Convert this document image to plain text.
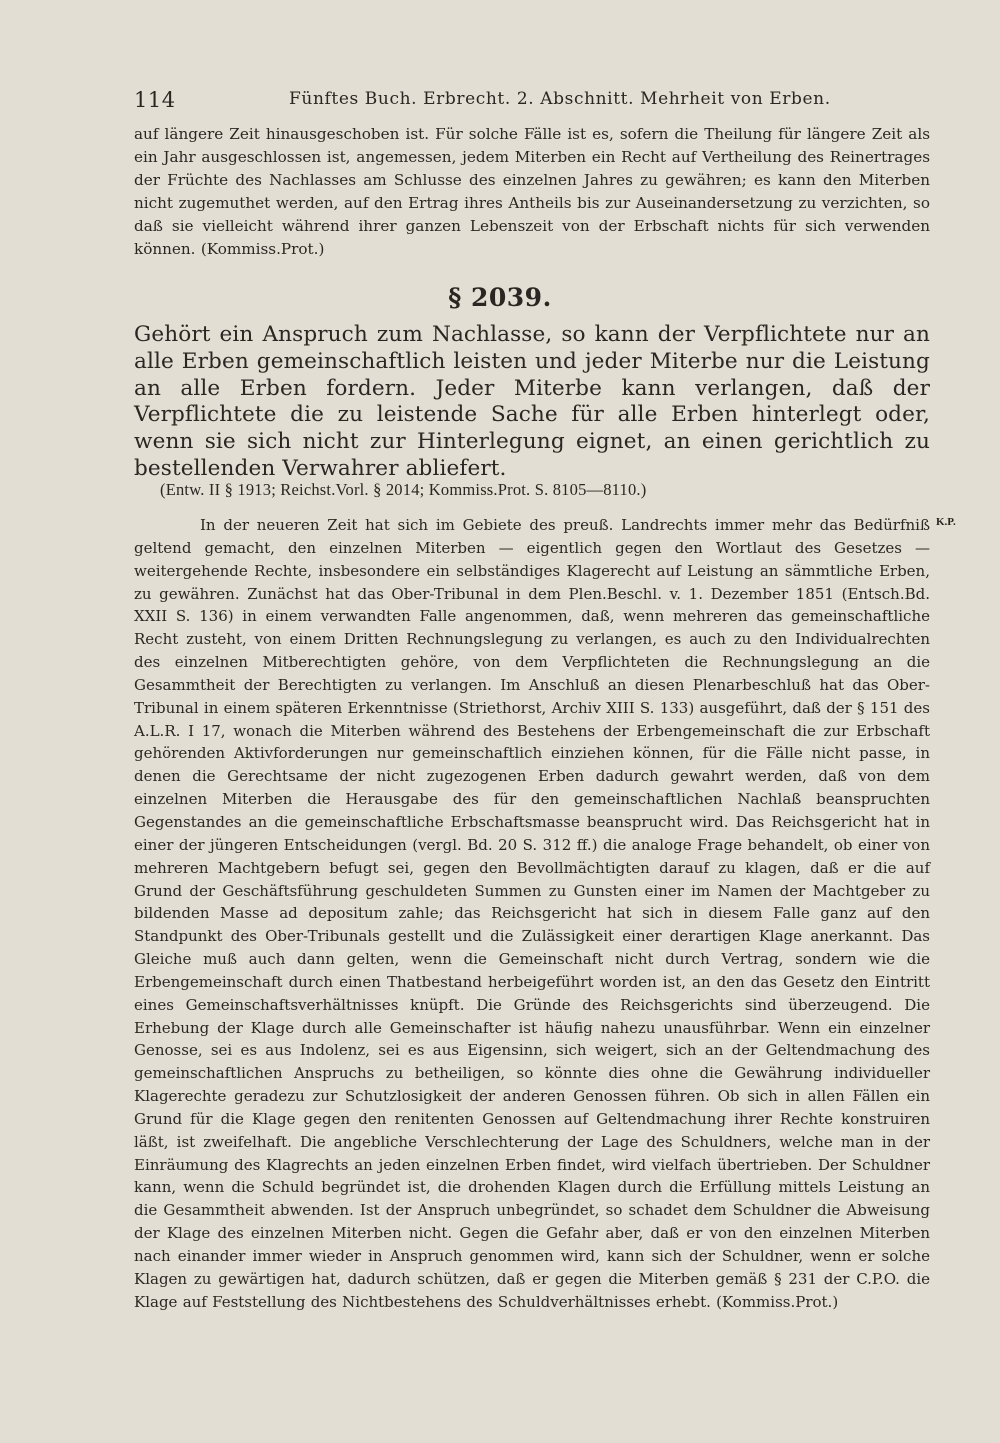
114	Fünftes Buch. Erbrecht. 2. Abschnitt. Mehrheit von Erben.

auf längere Zeit hinausgeschoben ist. Für solche Fälle ist es, sofern die Theilung für längere Zeit als ein Jahr ausgeschlossen ist, angemessen, jedem Miterben ein Recht auf Vertheilung des Reinertrages der Früchte des Nachlasses am Schlusse des einzelnen Jahres zu gewähren; es kann den Miterben nicht zugemuthet werden, auf den Ertrag ihres Antheils bis zur Auseinandersetzung zu verzichten, so daß sie vielleicht während ihrer ganzen Lebenszeit von der Erbschaft nichts für sich verwenden können. (Kommiss.Prot.)

§ 2039.

Gehört ein Anspruch zum Nachlasse, so kann der Verpflichtete nur an alle Erben gemeinschaftlich leisten und jeder Miterbe nur die Leistung an alle Erben fordern. Jeder Miterbe kann verlangen, daß der Verpflichtete die zu leistende Sache für alle Erben hinterlegt oder, wenn sie sich nicht zur Hinterlegung eignet, an einen gerichtlich zu bestellenden Verwahrer abliefert.

(Entw. II § 1913; Reichst.Vorl. § 2014; Kommiss.Prot. S. 8105—8110.)
K.P.

In der neueren Zeit hat sich im Gebiete des preuß. Landrechts immer mehr das Bedürfniß geltend gemacht, den einzelnen Miterben — eigentlich gegen den Wortlaut des Gesetzes — weitergehende Rechte, insbesondere ein selbständiges Klagerecht auf Leistung an sämmtliche Erben, zu gewähren. Zunächst hat das Ober-Tribunal in dem Plen.Beschl. v. 1. Dezember 1851 (Entsch.Bd. XXII S. 136) in einem verwandten Falle angenommen, daß, wenn mehreren das gemeinschaftliche Recht zusteht, von einem Dritten Rechnungslegung zu verlangen, es auch zu den Individualrechten des einzelnen Mitberechtigten gehöre, von dem Verpflichteten die Rechnungslegung an die Gesammtheit der Berechtigten zu verlangen. Im Anschluß an diesen Plenarbeschluß hat das Ober-Tribunal in einem späteren Erkenntnisse (Striethorst, Archiv XIII S. 133) ausgeführt, daß der § 151 des A.L.R. I 17, wonach die Miterben während des Bestehens der Erbengemeinschaft die zur Erbschaft gehörenden Aktivforderungen nur gemeinschaftlich einziehen können, für die Fälle nicht passe, in denen die Gerechtsame der nicht zugezogenen Erben dadurch gewahrt werden, daß von dem einzelnen Miterben die Herausgabe des für den gemeinschaftlichen Nachlaß beanspruchten Gegenstandes an die gemeinschaftliche Erbschaftsmasse beansprucht wird. Das Reichsgericht hat in einer der jüngeren Entscheidungen (vergl. Bd. 20 S. 312 ff.) die analoge Frage behandelt, ob einer von mehreren Machtgebern befugt sei, gegen den Bevollmächtigten darauf zu klagen, daß er die auf Grund der Geschäftsführung geschuldeten Summen zu Gunsten einer im Namen der Machtgeber zu bildenden Masse ad depositum zahle; das Reichsgericht hat sich in diesem Falle ganz auf den Standpunkt des Ober-Tribunals gestellt und die Zulässigkeit einer derartigen Klage anerkannt. Das Gleiche muß auch dann gelten, wenn die Gemeinschaft nicht durch Vertrag, sondern wie die Erbengemeinschaft durch einen Thatbestand herbeigeführt worden ist, an den das Gesetz den Eintritt eines Gemeinschaftsverhältnisses knüpft. Die Gründe des Reichsgerichts sind überzeugend. Die Erhebung der Klage durch alle Gemeinschafter ist häufig nahezu unausführbar. Wenn ein einzelner Genosse, sei es aus Indolenz, sei es aus Eigensinn, sich weigert, sich an der Geltendmachung des gemeinschaftlichen Anspruchs zu betheiligen, so könnte dies ohne die Gewährung individueller Klagerechte geradezu zur Schutzlosigkeit der anderen Genossen führen. Ob sich in allen Fällen ein Grund für die Klage gegen den renitenten Genossen auf Geltendmachung ihrer Rechte konstruiren läßt, ist zweifelhaft. Die angebliche Verschlechterung der Lage des Schuldners, welche man in der Einräumung des Klagrechts an jeden einzelnen Erben findet, wird vielfach übertrieben. Der Schuldner kann, wenn die Schuld begründet ist, die drohenden Klagen durch die Erfüllung mittels Leistung an die Gesammtheit abwenden. Ist der Anspruch unbegründet, so schadet dem Schuldner die Abweisung der Klage des einzelnen Miterben nicht. Gegen die Gefahr aber, daß er von den einzelnen Miterben nach einander immer wieder in Anspruch genommen wird, kann sich der Schuldner, wenn er solche Klagen zu gewärtigen hat, dadurch schützen, daß er gegen die Miterben gemäß § 231 der C.P.O. die Klage auf Feststellung des Nichtbestehens des Schuldverhältnisses erhebt. (Kommiss.Prot.)
